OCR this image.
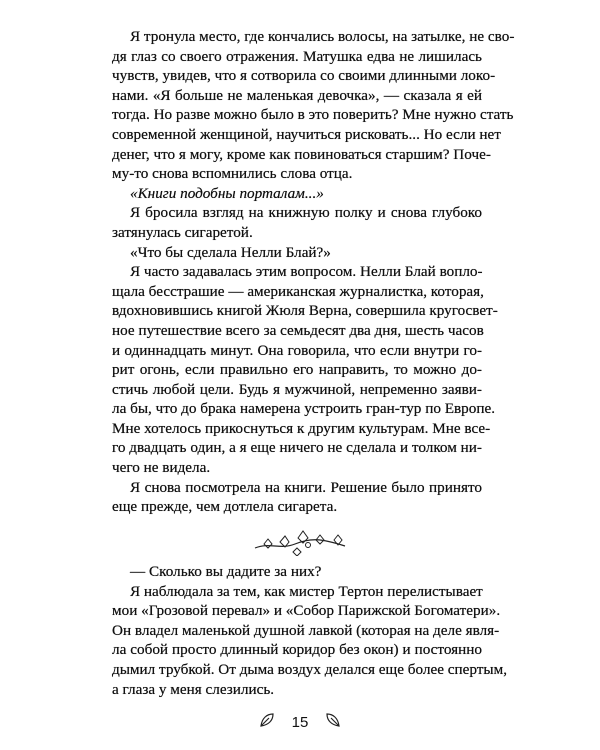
Я тронула место, где кончались волосы, на затылке, не сво-
дя глаз со своего отражения. Матушка едва не лишилась
чувств, увидев, что я сотворила со своими длинными локо-
нами. «Я больше не маленькая девочка», — сказала я ей
тогда. Но разве можно было в это поверить? Мне нужно стать
современной женщиной, научиться рисковать... Но если нет
денег, что я могу, кроме как повиноваться старшим? Поче-
му-то снова вспомнились слова отца.
«Книги подобны порталам...»
Я бросила взгляд на книжную полку и снова глубоко
затянулась сигаретой.
«Что бы сделала Нелли Блай?»
Я часто задавалась этим вопросом. Нелли Блай вопло-
щала бесстрашие — американская журналистка, которая,
вдохновившись книгой Жюля Верна, совершила кругосвет-
ное путешествие всего за семьдесят два дня, шесть часов
и одиннадцать минут. Она говорила, что если внутри го-
рит огонь, если правильно его направить, то можно до-
стичь любой цели. Будь я мужчиной, непременно заяви-
ла бы, что до брака намерена устроить гран-тур по Европе.
Мне хотелось прикоснуться к другим культурам. Мне все-
го двадцать один, а я еще ничего не сделала и толком ни-
чего не видела.
Я снова посмотрела на книги. Решение было принято
еще прежде, чем дотлела сигарета.
— Сколько вы дадите за них?
Я наблюдала за тем, как мистер Тертон перелистывает
мои «Грозовой перевал» и «Собор Парижской Богоматери».
Он владел маленькой душной лавкой (которая на деле явля-
ла собой просто длинный коридор без окон) и постоянно
дымил трубкой. От дыма воздух делался еще более спертым,
а глаза у меня слезились.
15
